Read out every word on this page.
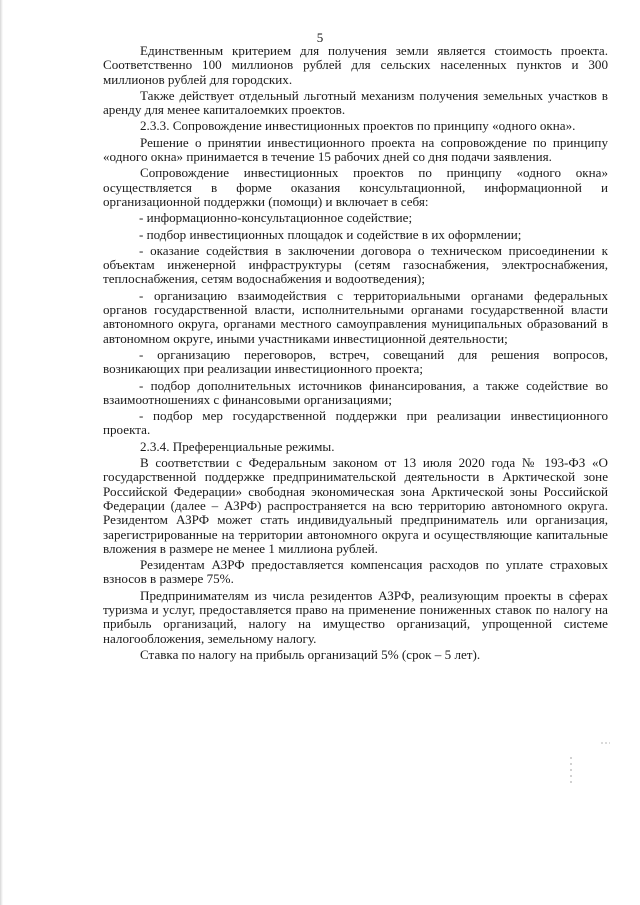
5

Единственным критерием для получения земли является стоимость проекта. Соответственно 100 миллионов рублей для сельских населенных пунктов и 300 миллионов рублей для городских.

Также действует отдельный льготный механизм получения земельных участков в аренду для менее капиталоемких проектов.

2.3.3. Сопровождение инвестиционных проектов по принципу «одного окна».

Решение о принятии инвестиционного проекта на сопровождение по принципу «одного окна» принимается в течение 15 рабочих дней со дня подачи заявления.

Сопровождение инвестиционных проектов по принципу «одного окна» осуществляется в форме оказания консультационной, информационной и организационной поддержки (помощи) и включает в себя:

- информационно-консультационное содействие;

- подбор инвестиционных площадок и содействие в их оформлении;

- оказание содействия в заключении договора о техническом присоединении к объектам инженерной инфраструктуры (сетям газоснабжения, электроснабжения, теплоснабжения, сетям водоснабжения и водоотведения);

- организацию взаимодействия с территориальными органами федеральных органов государственной власти, исполнительными органами государственной власти автономного округа, органами местного самоуправления муниципальных образований в автономном округе, иными участниками инвестиционной деятельности;

- организацию переговоров, встреч, совещаний для решения вопросов, возникающих при реализации инвестиционного проекта;

- подбор дополнительных источников финансирования, а также содействие во взаимоотношениях с финансовыми организациями;

- подбор мер государственной поддержки при реализации инвестиционного проекта.

2.3.4. Преференциальные режимы.

В соответствии с Федеральным законом от 13 июля 2020 года № 193-ФЗ «О государственной поддержке предпринимательской деятельности в Арктической зоне Российской Федерации» свободная экономическая зона Арктической зоны Российской Федерации (далее – АЗРФ) распространяется на всю территорию автономного округа. Резидентом АЗРФ может стать индивидуальный предприниматель или организация, зарегистрированные на территории автономного округа и осуществляющие капитальные вложения в размере не менее 1 миллиона рублей.

Резидентам АЗРФ предоставляется компенсация расходов по уплате страховых взносов в размере 75%.

Предпринимателям из числа резидентов АЗРФ, реализующим проекты в сферах туризма и услуг, предоставляется право на применение пониженных ставок по налогу на прибыль организаций, налогу на имущество организаций, упрощенной системе налогообложения, земельному налогу.

Ставка по налогу на прибыль организаций 5% (срок – 5 лет).
